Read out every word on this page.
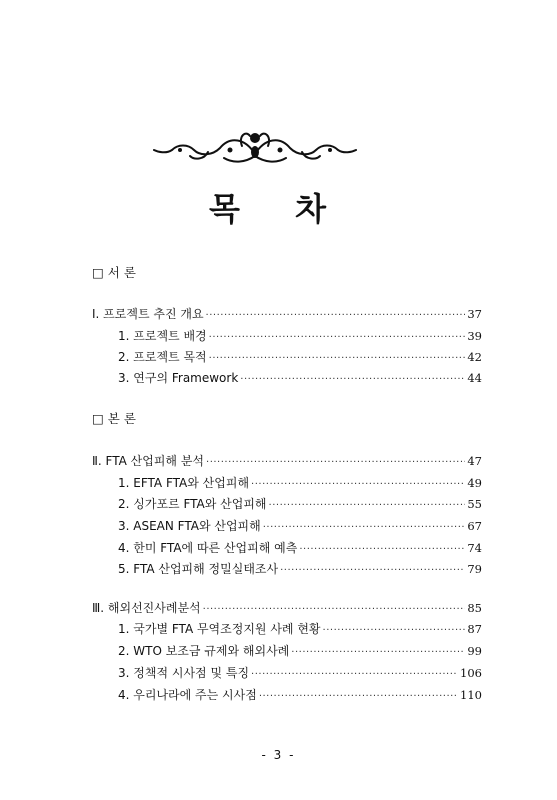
목 차
□ 서 론
Ⅰ. 프로젝트 추진 개요 ·····	37
1. 프로젝트 배경 ·····	39
2. 프로젝트 목적 ·····	42
3. 연구의 Framework ·····	44
□ 본 론
Ⅱ. FTA 산업피해 분석 ·····	47
1. EFTA FTA와 산업피해 ·····	49
2. 싱가포르 FTA와 산업피해 ·····	55
3. ASEAN FTA와 산업피해 ·····	67
4. 한미 FTA에 따른 산업피해 예측 ·····	74
5. FTA 산업피해 정밀실태조사 ·····	79
Ⅲ. 해외선진사례분석 ·····	85
1. 국가별 FTA 무역조정지원 사례 현황 ·····	87
2. WTO 보조금 규제와 해외사례 ·····	99
3. 정책적 시사점 및 특징 ·····	106
4. 우리나라에 주는 시사점 ·····	110
- 3 -
